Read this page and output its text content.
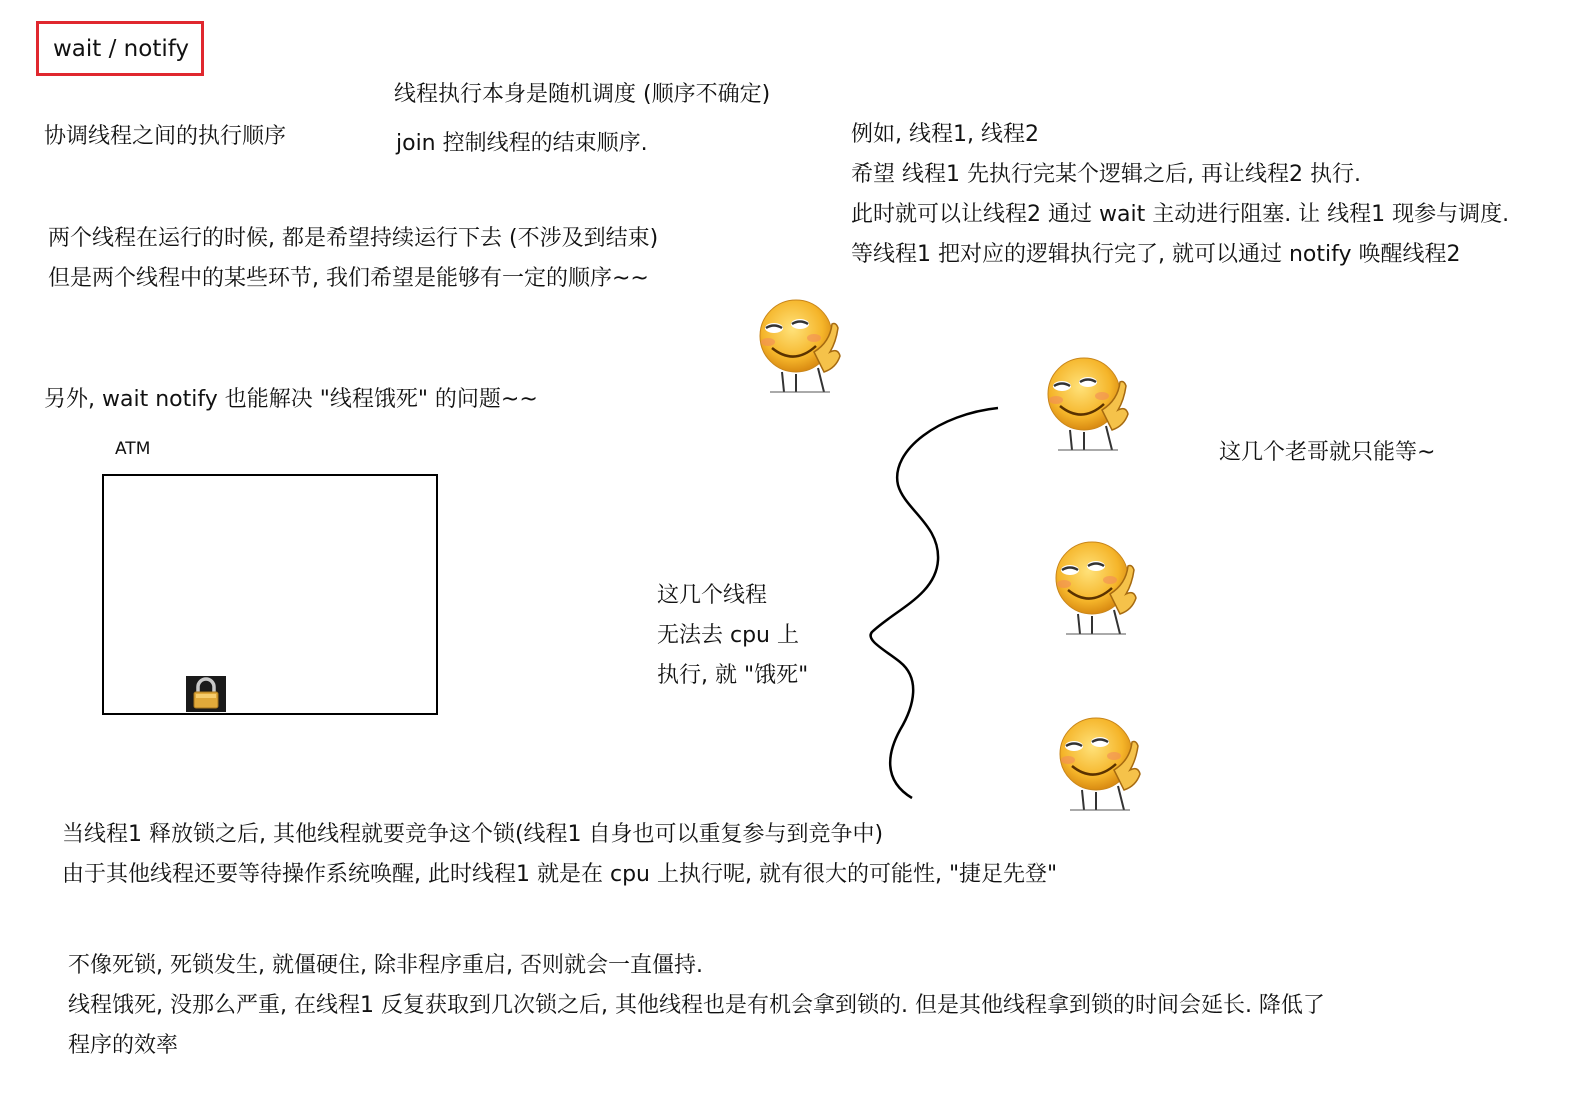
wait / notify
协调线程之间的执行顺序
线程执行本身是随机调度 (顺序不确定)
join 控制线程的结束顺序.	例如, 线程1, 线程2
希望 线程1 先执行完某个逻辑之后, 再让线程2 执行.
此时就可以让线程2 通过 wait 主动进行阻塞. 让 线程1 现参与调度.
等线程1 把对应的逻辑执行完了, 就可以通过 notify 唤醒线程2
两个线程在运行的时候, 都是希望持续运行下去 (不涉及到结束)
但是两个线程中的某些环节, 我们希望是能够有一定的顺序~~
另外, wait notify 也能解决 "线程饿死" 的问题~~
ATM
这几个线程
无法去 cpu 上
执行, 就 "饿死"
这几个老哥就只能等~
当线程1 释放锁之后, 其他线程就要竞争这个锁(线程1 自身也可以重复参与到竞争中)
由于其他线程还要等待操作系统唤醒, 此时线程1 就是在 cpu 上执行呢, 就有很大的可能性, "捷足先登"
不像死锁, 死锁发生, 就僵硬住, 除非程序重启, 否则就会一直僵持.
线程饿死, 没那么严重, 在线程1 反复获取到几次锁之后, 其他线程也是有机会拿到锁的. 但是其他线程拿到锁的时间会延长. 降低了
程序的效率
